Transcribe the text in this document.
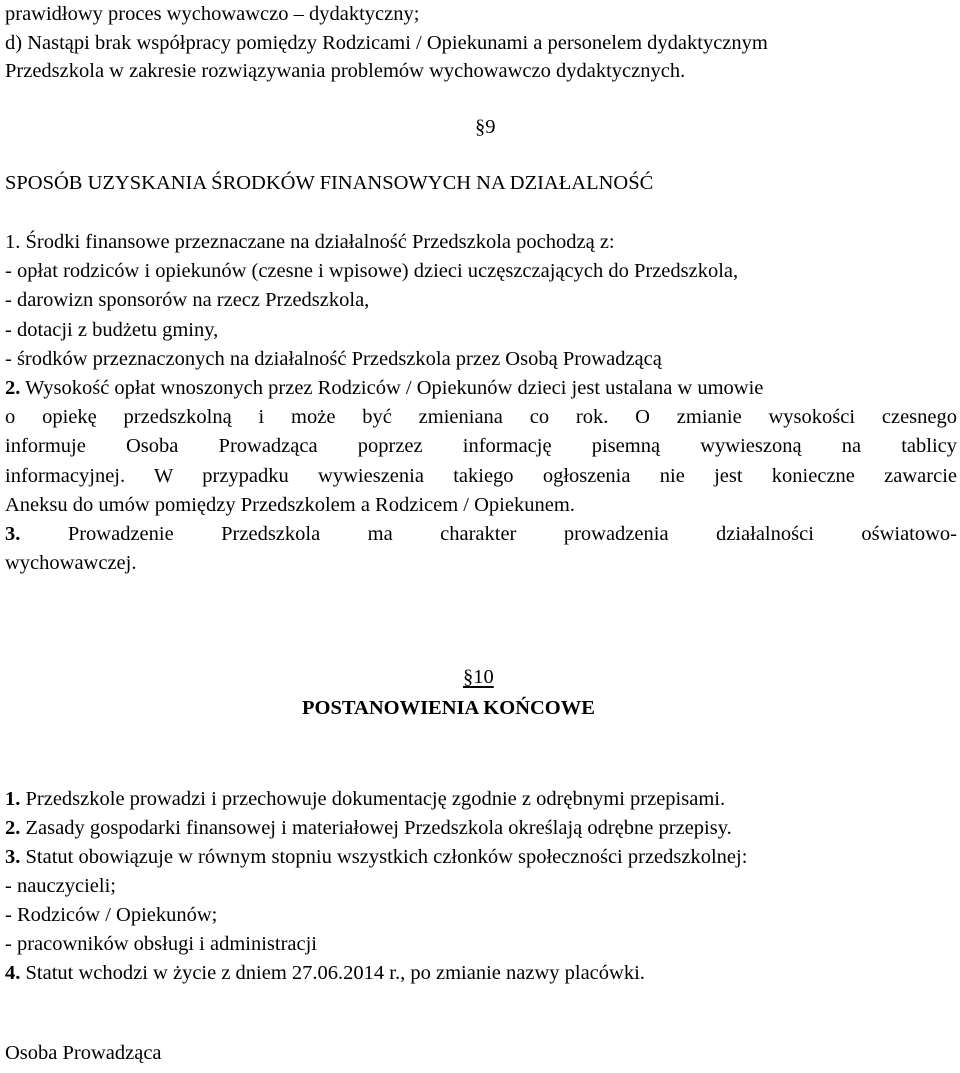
prawidłowy proces wychowawczo – dydaktyczny;
d) Nastąpi brak współpracy pomiędzy Rodzicami / Opiekunami a personelem dydaktycznym
Przedszkola w zakresie rozwiązywania problemów wychowawczo dydaktycznych.
§9
SPOSÓB UZYSKANIA ŚRODKÓW FINANSOWYCH NA DZIAŁALNOŚĆ
1. Środki finansowe przeznaczane na działalność Przedszkola pochodzą z:
- opłat rodziców i opiekunów (czesne i wpisowe) dzieci uczęszczających do Przedszkola,
- darowizn sponsorów na rzecz Przedszkola,
- dotacji z budżetu gminy,
- środków przeznaczonych na działalność Przedszkola przez Osobą Prowadzącą
2. Wysokość opłat wnoszonych przez Rodziców / Opiekunów dzieci jest ustalana w umowie
o opiekę przedszkolną i może być zmieniana co rok. O zmianie wysokości czesnego
informuje Osoba Prowadząca poprzez informację pisemną wywieszoną na tablicy
informacyjnej. W przypadku wywieszenia takiego ogłoszenia nie jest konieczne zawarcie
Aneksu do umów pomiędzy Przedszkolem a Rodzicem / Opiekunem.
3. Prowadzenie Przedszkola ma charakter prowadzenia działalności oświatowo-
wychowawczej.
§10
POSTANOWIENIA KOŃCOWE
1. Przedszkole prowadzi i przechowuje dokumentację zgodnie z odrębnymi przepisami.
2. Zasady gospodarki finansowej i materiałowej Przedszkola określają odrębne przepisy.
3. Statut obowiązuje w równym stopniu wszystkich członków społeczności przedszkolnej:
- nauczycieli;
- Rodziców / Opiekunów;
- pracowników obsługi i administracji
4. Statut wchodzi w życie z dniem 27.06.2014 r., po zmianie nazwy placówki.
Osoba Prowadząca
